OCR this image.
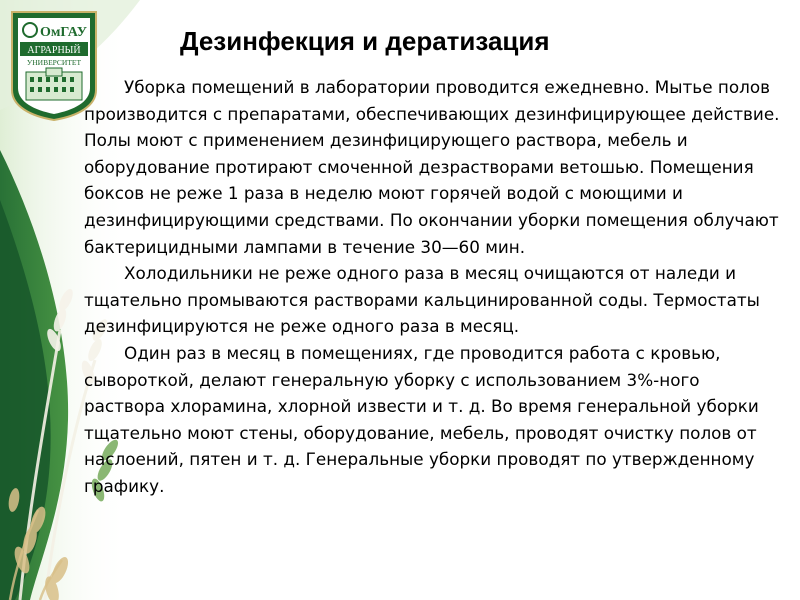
ОмГАУ
АГРАРНЫЙ
УНИВЕРСИТЕТ
Дезинфекция и дератизация

Уборка помещений в лаборатории проводится ежедневно. Мытье полов производится с препаратами, обеспечивающих дезинфицирующее действие. Полы моют с применением дезинфицирующего раствора, мебель и оборудование протирают смоченной дезрастворами ветошью. Помещения боксов не реже 1 раза в неделю моют горячей водой с моющими и дезинфицирующими средствами. По окончании уборки помещения облучают бактерицидными лампами в течение 30—60 мин.

Холодильники не реже одного раза в месяц очищаются от наледи и тщательно промываются растворами кальцинированной соды. Термостаты дезинфицируются не реже одного раза в месяц.

Один раз в месяц в помещениях, где проводится работа с кровью, сывороткой, делают генеральную уборку с использованием 3%-ного раствора хлорамина, хлорной извести и т. д. Во время генеральной уборки тщательно моют стены, оборудование, мебель, проводят очистку полов от наслоений, пятен и т. д. Генеральные уборки проводят по утвержденному графику.
